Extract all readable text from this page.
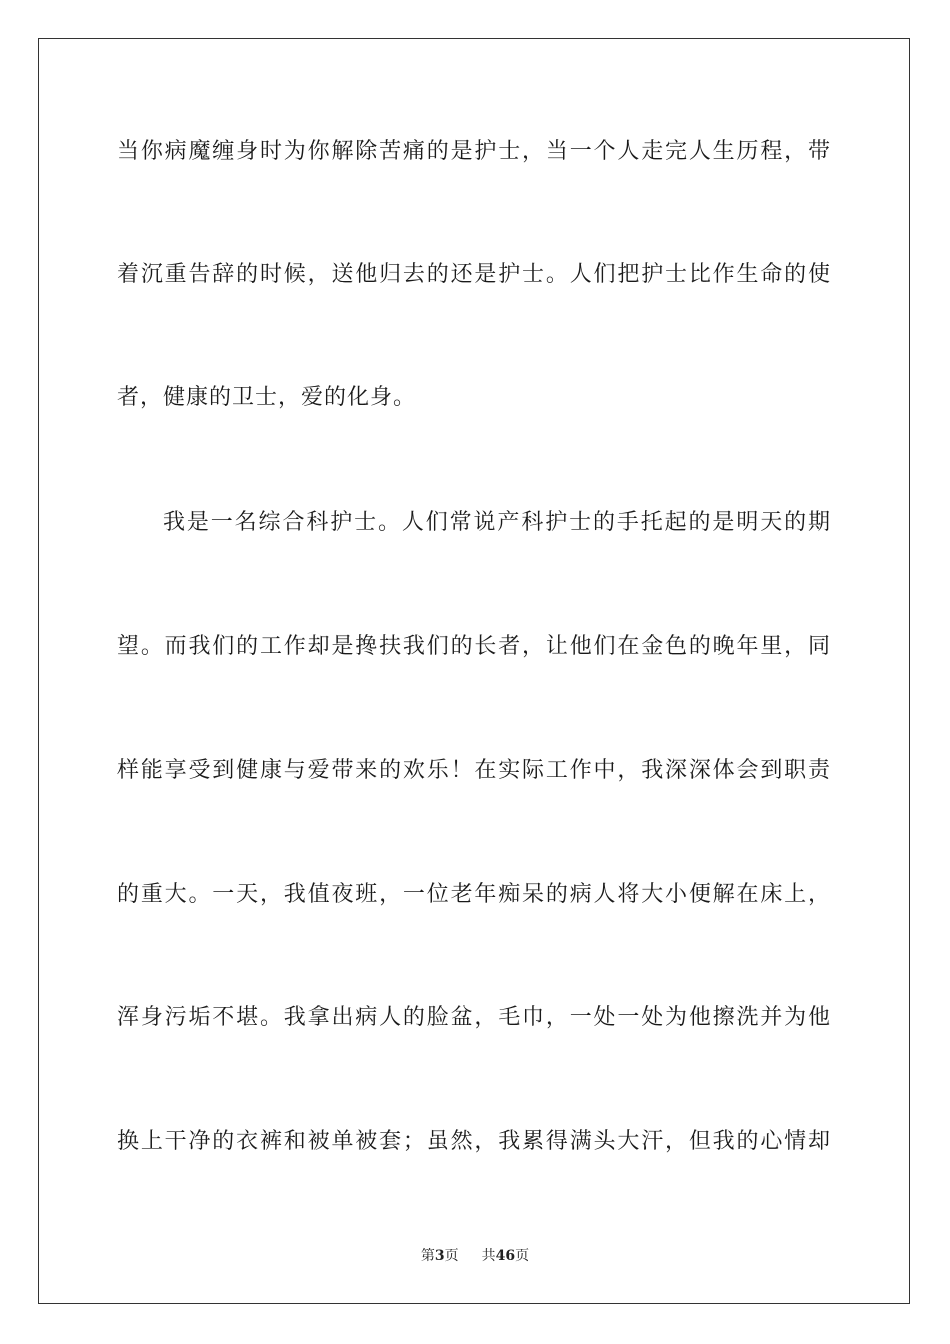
当你病魔缠身时为你解除苦痛的是护士，当一个人走完人生历程，带
着沉重告辞的时候，送他归去的还是护士。人们把护士比作生命的使
者，健康的卫士，爱的化身。
我是一名综合科护士。人们常说产科护士的手托起的是明天的期
望。而我们的工作却是搀扶我们的长者，让他们在金色的晚年里，同
样能享受到健康与爱带来的欢乐！在实际工作中，我深深体会到职责
的重大。一天，我值夜班，一位老年痴呆的病人将大小便解在床上，
浑身污垢不堪。我拿出病人的脸盆，毛巾，一处一处为他擦洗并为他
换上干净的衣裤和被单被套；虽然，我累得满头大汗，但我的心情却
第3页 共46页
